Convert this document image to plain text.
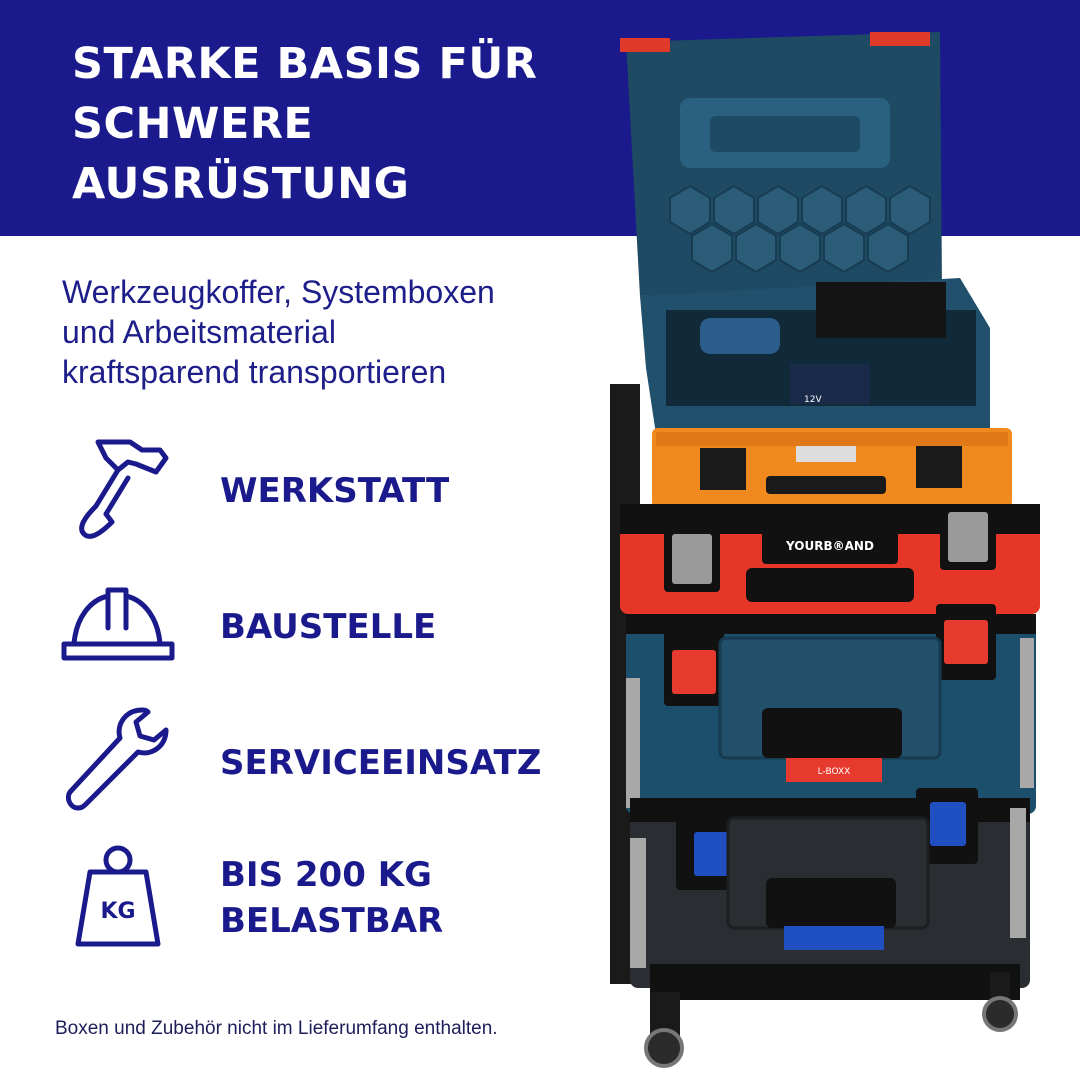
STARKE BASIS FÜR
SCHWERE
AUSRÜSTUNG
Werkzeugkoffer, Systemboxen
und Arbeitsmaterial
kraftsparend transportieren
WERKSTATT
BAUSTELLE
SERVICEEINSATZ
KG
BIS 200 KG
BELASTBAR
Boxen und Zubehör nicht im Lieferumfang enthalten.
12V
YOURB®AND
L-BOXX
